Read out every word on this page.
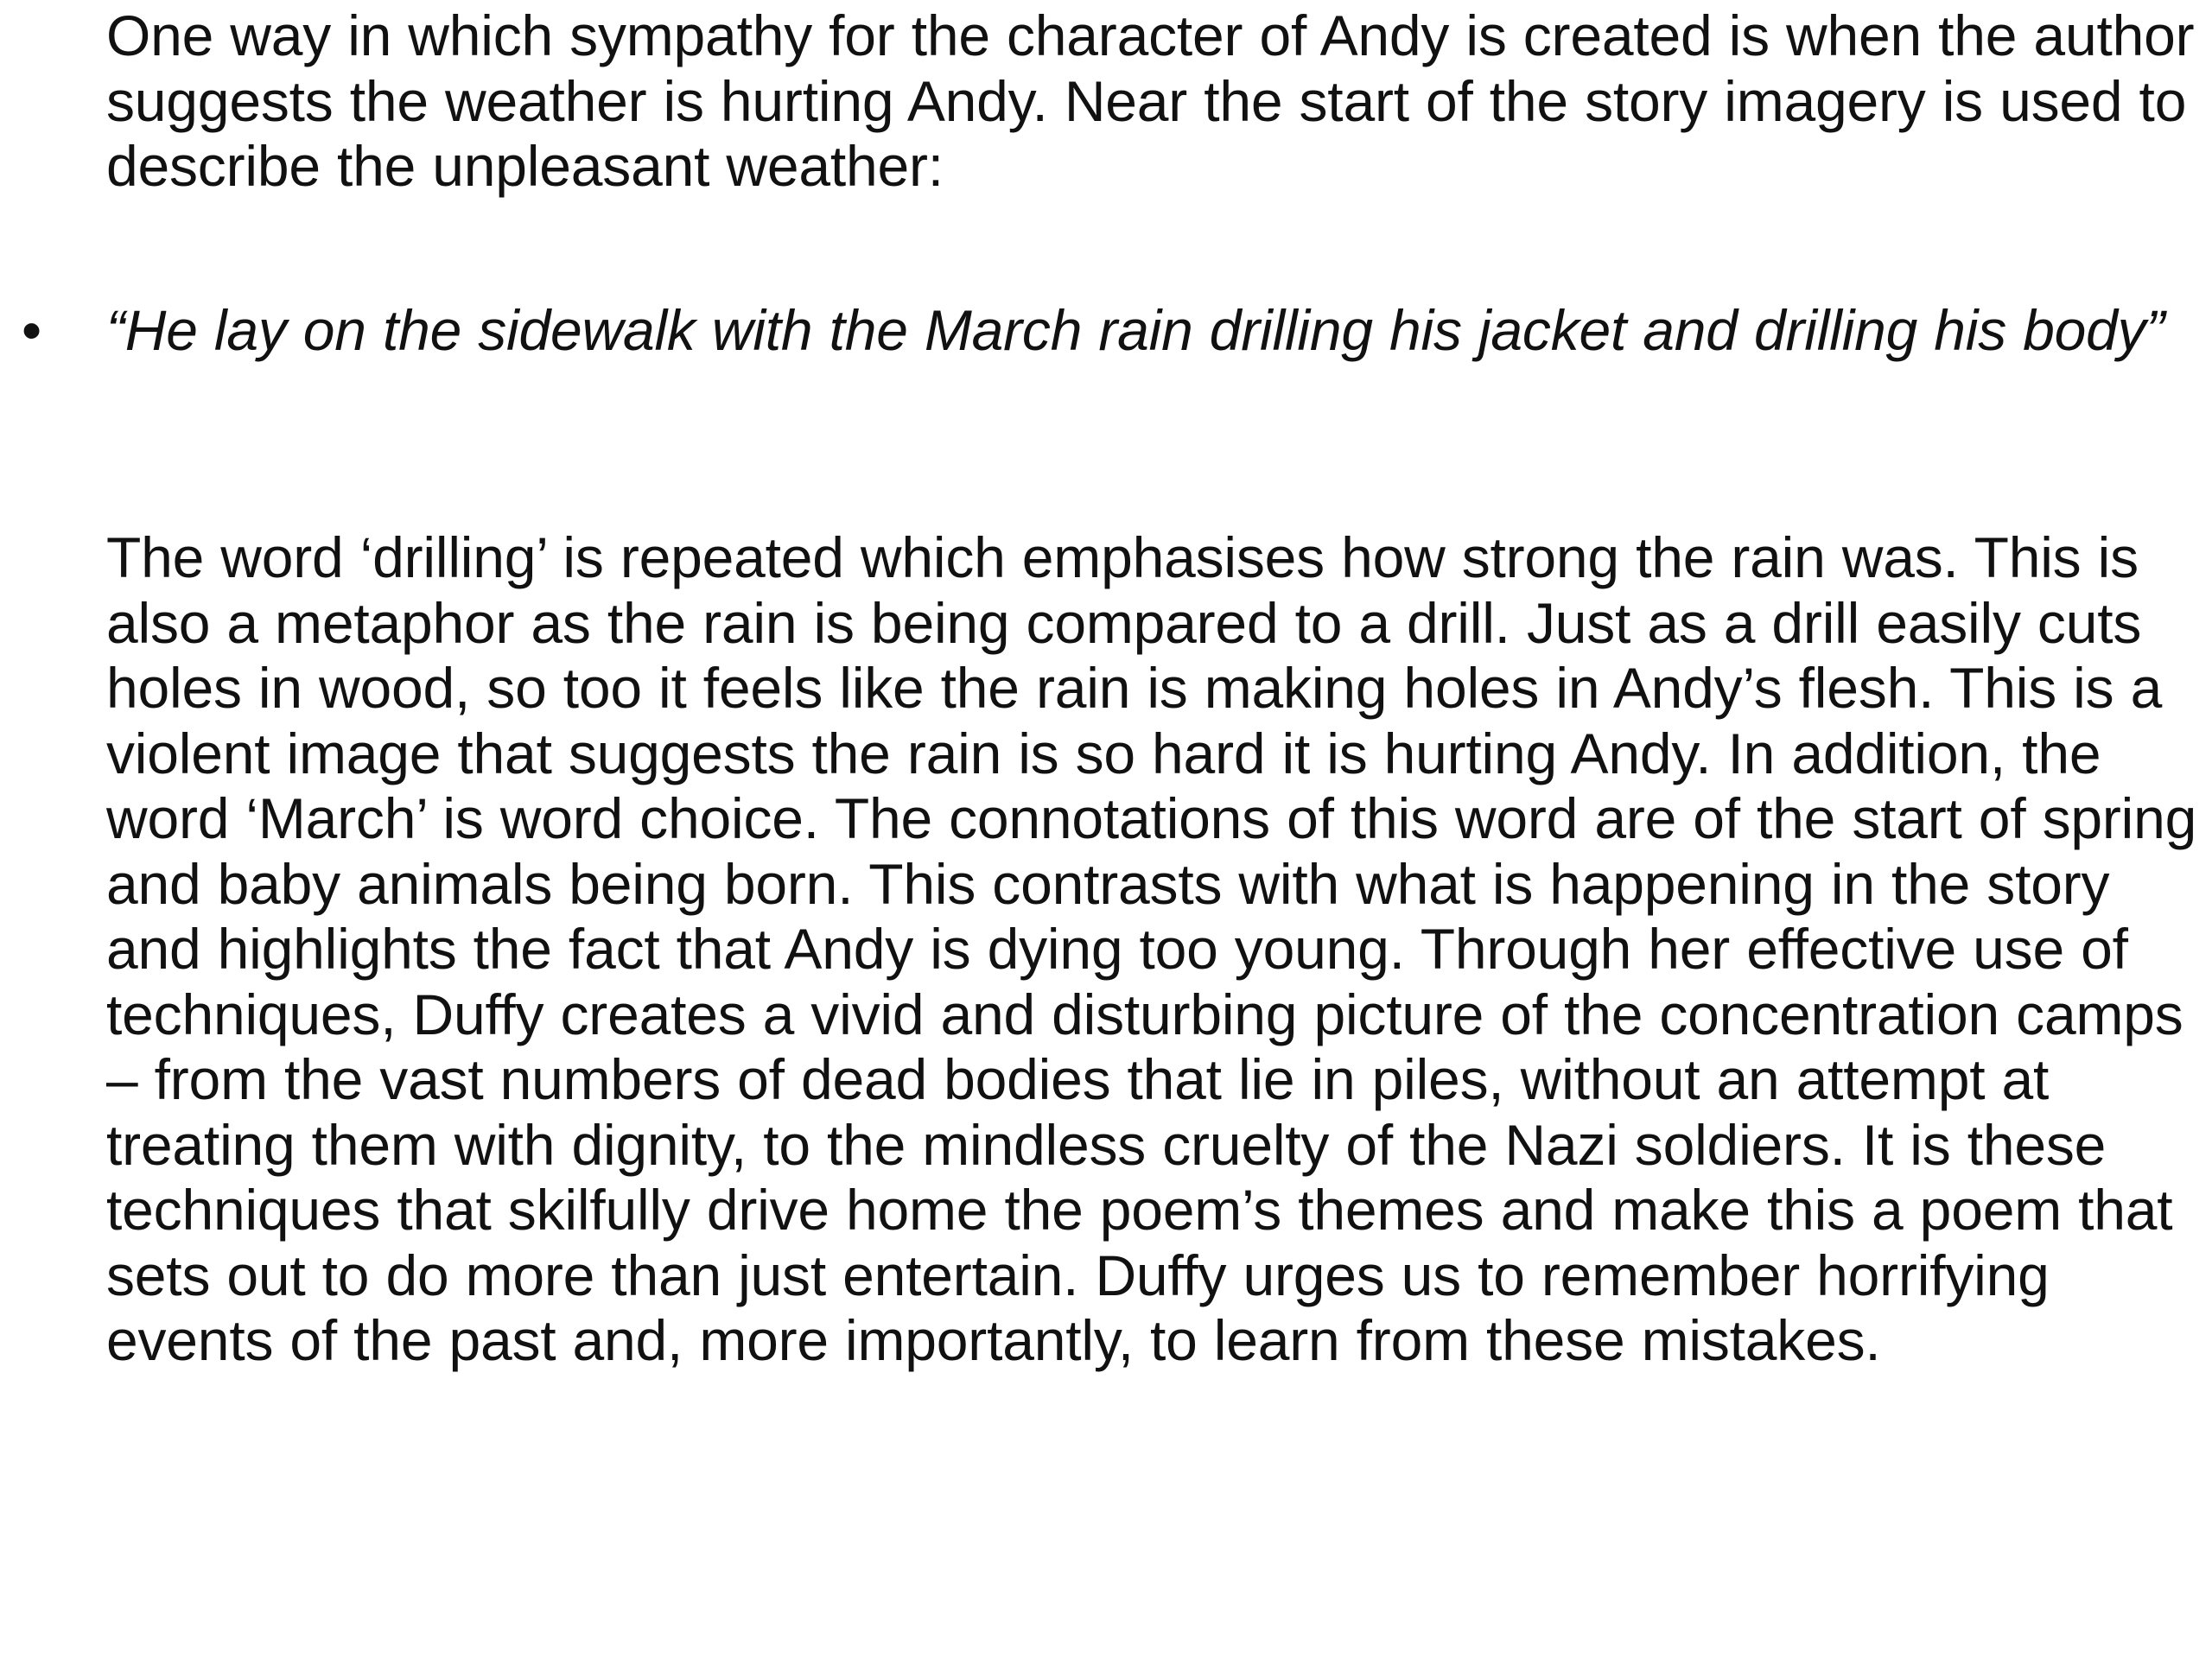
One way in which sympathy for the character of Andy is created is when the author suggests the weather is hurting Andy. Near the start of the story imagery is used to describe the unpleasant weather:
• “He lay on the sidewalk with the March rain drilling his jacket and drilling his body”
The word ‘drilling’ is repeated which emphasises how strong the rain was. This is also a metaphor as the rain is being compared to a drill. Just as a drill easily cuts holes in wood, so too it feels like the rain is making holes in Andy’s flesh. This is a violent image that suggests the rain is so hard it is hurting Andy. In addition, the word ‘March’ is word choice. The connotations of this word are of the start of spring and baby animals being born. This contrasts with what is happening in the story and highlights the fact that Andy is dying too young. Through her effective use of techniques, Duffy creates a vivid and disturbing picture of the concentration camps – from the vast numbers of dead bodies that lie in piles, without an attempt at treating them with dignity, to the mindless cruelty of the Nazi soldiers. It is these techniques that skilfully drive home the poem’s themes and make this a poem that sets out to do more than just entertain. Duffy urges us to remember horrifying events of the past and, more importantly, to learn from these mistakes.
